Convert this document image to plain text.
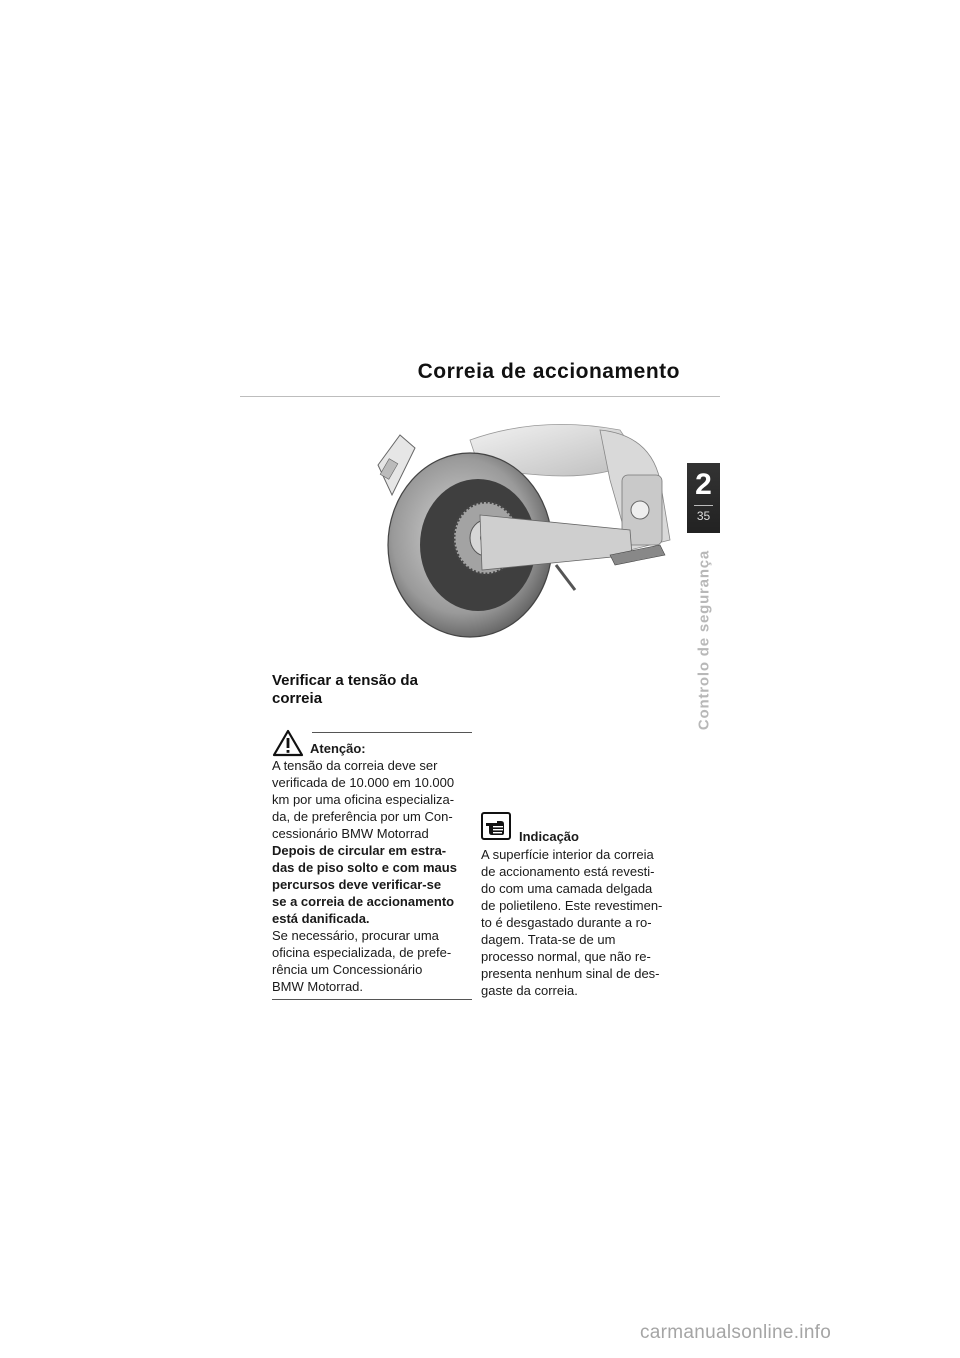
Correia de accionamento
2
35
Controlo de segurança
Verificar a tensão da
correia
Atenção:

A tensão da correia deve ser
verificada de 10.000 em 10.000
km por uma oficina especializa-
da, de preferência por um Con-
cessionário BMW Motorrad
Depois de circular em estra-
das de piso solto e com maus
percursos deve verificar-se
se a correia de accionamento
está danificada.
Se necessário, procurar uma
oficina especializada, de prefe-
rência um Concessionário
BMW Motorrad.

Indicação

A superfície interior da correia
de accionamento está revesti-
do com uma camada delgada
de polietileno. Este revestimen-
to é desgastado durante a ro-
dagem. Trata-se de um
processo normal, que não re-
presenta nenhum sinal de des-
gaste da correia.

carmanualsonline.info
